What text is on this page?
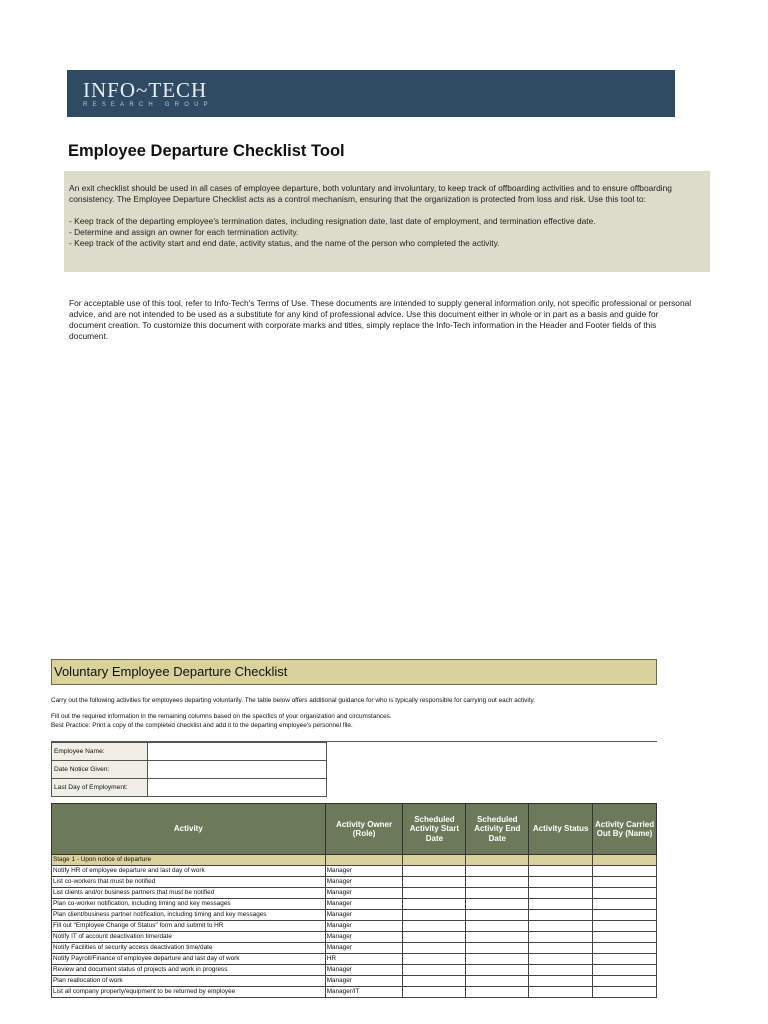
INFO~TECH
RESEARCH GROUP
Employee Departure Checklist Tool

An exit checklist should be used in all cases of employee departure, both voluntary and involuntary, to keep track of offboarding activities and to ensure offboarding consistency. The Employee Departure Checklist acts as a control mechanism, ensuring that the organization is protected from loss and risk. Use this tool to:

- Keep track of the departing employee's termination dates, including resignation date, last date of employment, and termination effective date.

- Determine and assign an owner for each termination activity.

- Keep track of the activity start and end date, activity status, and the name of the person who completed the activity.

For acceptable use of this tool, refer to Info-Tech's Terms of Use. These documents are intended to supply general information only, not specific professional or personal advice, and are not intended to be used as a substitute for any kind of professional advice. Use this document either in whole or in part as a basis and guide for document creation. To customize this document with corporate marks and titles, simply replace the Info-Tech information in the Header and Footer fields of this document.
Voluntary Employee Departure Checklist
Carry out the following activities for employees departing voluntarily. The table below offers additional guidance for who is typically responsible for carrying out each activity.
Fill out the required information in the remaining columns based on the specifics of your organization and circumstances.
Best Practice: Print a copy of the completed checklist and add it to the departing employee's personnel file.
Employee Name:	
Date Notice Given:	
Last Day of Employment:	
Activity	Activity Owner (Role)	Scheduled Activity Start Date	Scheduled Activity End Date	Activity Status	Activity Carried Out By (Name)
Stage 1 - Upon notice of departure					
Notify HR of employee departure and last day of work	Manager				
List co-workers that must be notified	Manager				
List clients and/or business partners that must be notified	Manager				
Plan co-worker notification, including timing and key messages	Manager				
Plan client/business partner notification, including timing and key messages	Manager				
Fill out "Employee Change of Status" form and submit to HR	Manager				
Notify IT of account deactivation time/date	Manager				
Notify Facilities of security access deactivation time/date	Manager				
Notify Payroll/Finance of employee departure and last day of work	HR				
Review and document status of projects and work in progress	Manager				
Plan reallocation of work	Manager				
List all company property/equipment to be returned by employee	Manager/IT				
